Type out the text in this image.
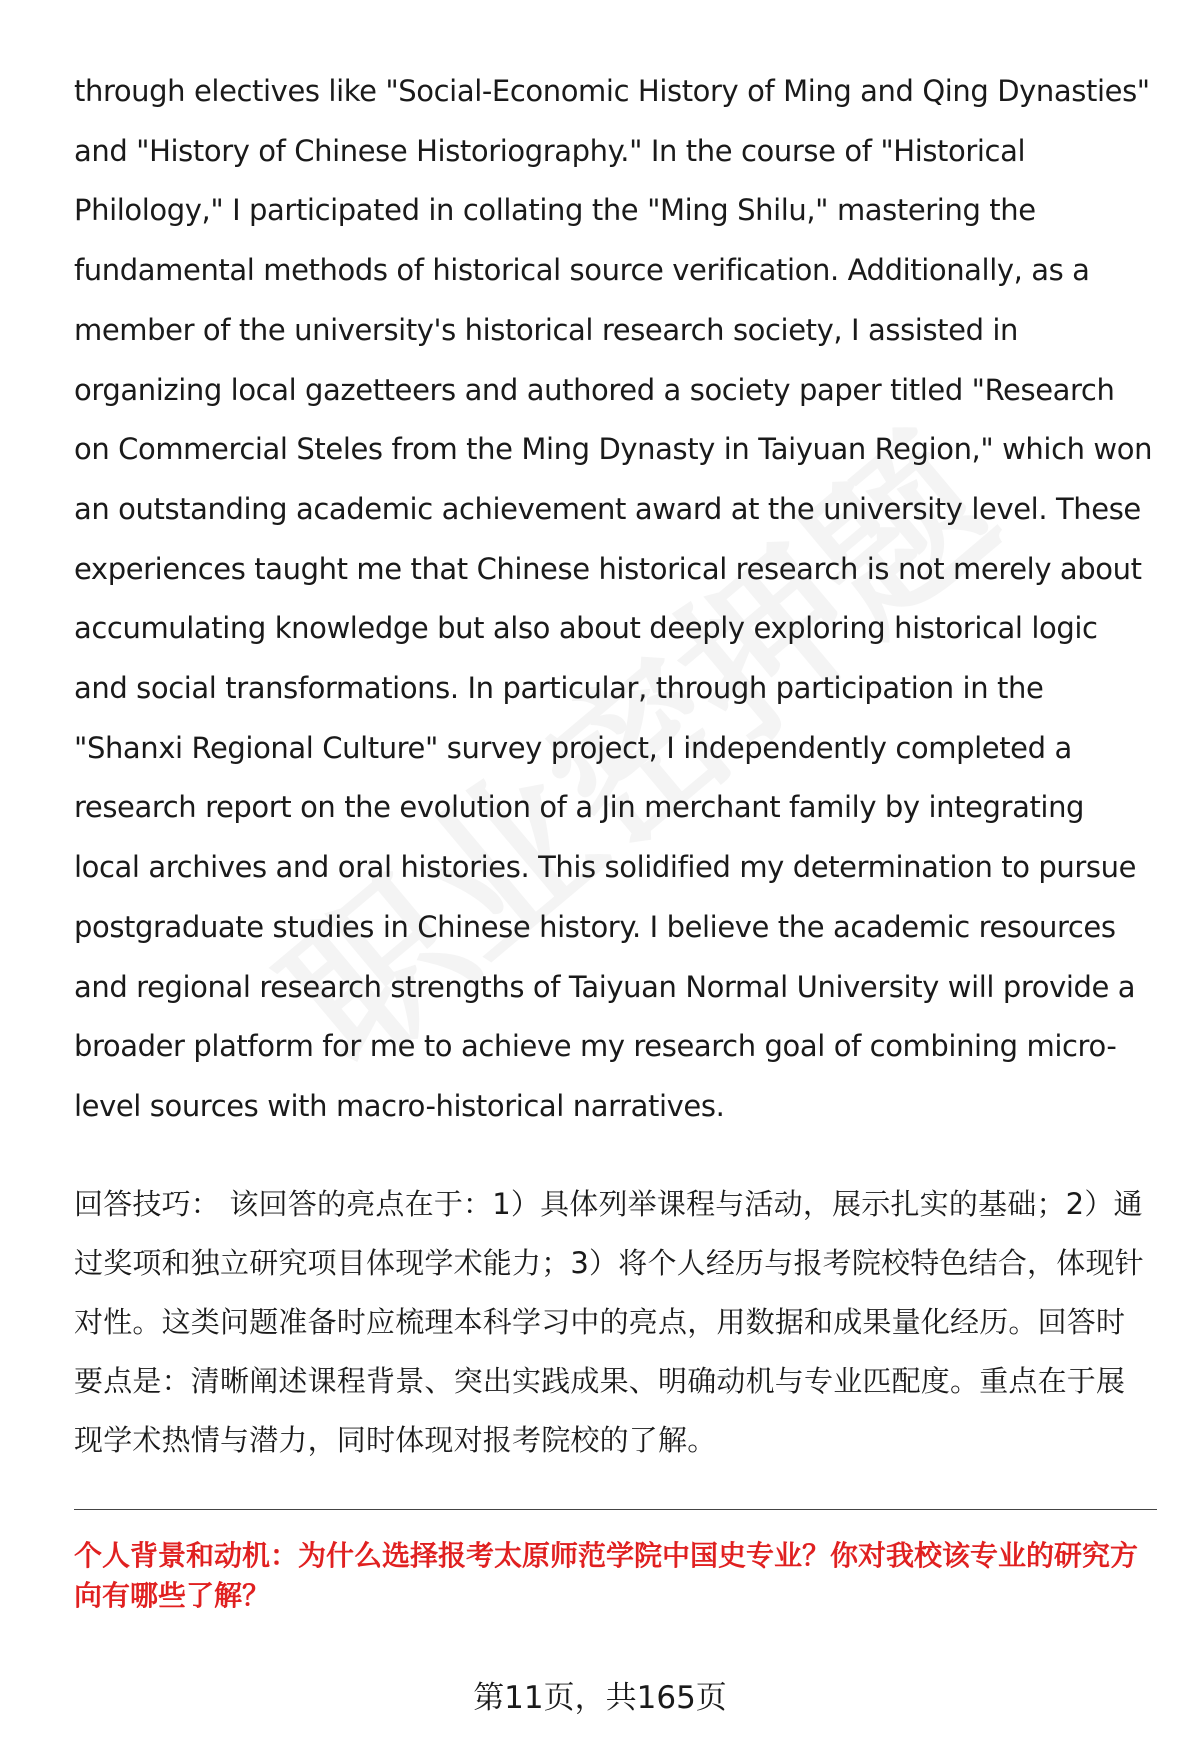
through electives like "Social-Economic History of Ming and Qing Dynasties" and "History of Chinese Historiography." In the course of "Historical Philology," I participated in collating the "Ming Shilu," mastering the fundamental methods of historical source verification. Additionally, as a member of the university's historical research society, I assisted in organizing local gazetteers and authored a society paper titled "Research on Commercial Steles from the Ming Dynasty in Taiyuan Region," which won an outstanding academic achievement award at the university level. These experiences taught me that Chinese historical research is not merely about accumulating knowledge but also about deeply exploring historical logic and social transformations. In particular, through participation in the "Shanxi Regional Culture" survey project, I independently completed a research report on the evolution of a Jin merchant family by integrating local archives and oral histories. This solidified my determination to pursue postgraduate studies in Chinese history. I believe the academic resources and regional research strengths of Taiyuan Normal University will provide a broader platform for me to achieve my research goal of combining micro-level sources with macro-historical narratives.

回答技巧： 该回答的亮点在于：1）具体列举课程与活动，展示扎实的基础；2）通过奖项和独立研究项目体现学术能力；3）将个人经历与报考院校特色结合，体现针对性。这类问题准备时应梳理本科学习中的亮点，用数据和成果量化经历。回答时要点是：清晰阐述课程背景、突出实践成果、明确动机与专业匹配度。重点在于展现学术热情与潜力，同时体现对报考院校的了解。

个人背景和动机：为什么选择报考太原师范学院中国史专业？你对我校该专业的研究方向有哪些了解？

第11页，共165页
